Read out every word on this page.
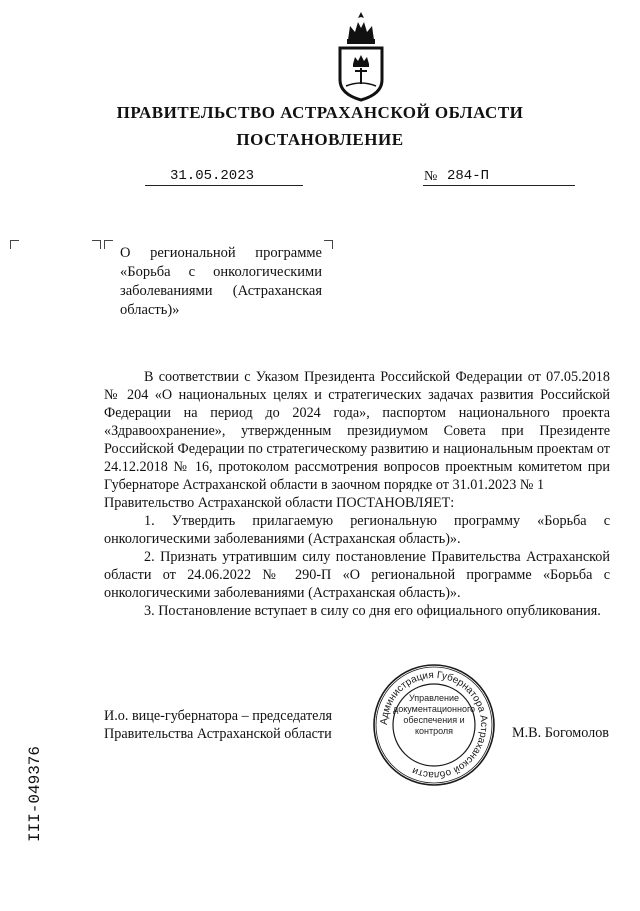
ПРАВИТЕЛЬСТВО АСТРАХАНСКОЙ ОБЛАСТИ
ПОСТАНОВЛЕНИЕ
31.05.2023	№ 284-П
О региональной программе «Борьба с онкологическими заболеваниями (Астраханская область)»

В соответствии с Указом Президента Российской Федерации от 07.05.2018 № 204 «О национальных целях и стратегических задачах развития Российской Федерации на период до 2024 года», паспортом национального проекта «Здравоохранение», утвержденным президиумом Совета при Президенте Российской Федерации по стратегическому развитию и национальным проектам от 24.12.2018 № 16, протоколом рассмотрения вопросов проектным комитетом при Губернаторе Астраханской области в заочном порядке от 31.01.2023 № 1

Правительство Астраханской области ПОСТАНОВЛЯЕТ:

1. Утвердить прилагаемую региональную программу «Борьба с онкологическими заболеваниями (Астраханская область)».

2. Признать утратившим силу постановление Правительства Астраханской области от 24.06.2022 № 290-П «О региональной программе «Борьба с онкологическими заболеваниями (Астраханская область)».

3. Постановление вступает в силу со дня его официального опубликования.

И.о. вице-губернатора – председателя
Правительства Астраханской области	М.В. Богомолов
Администрация Губернатора Астраханской области
Управление документационного обеспечения и контроля
III-049376
